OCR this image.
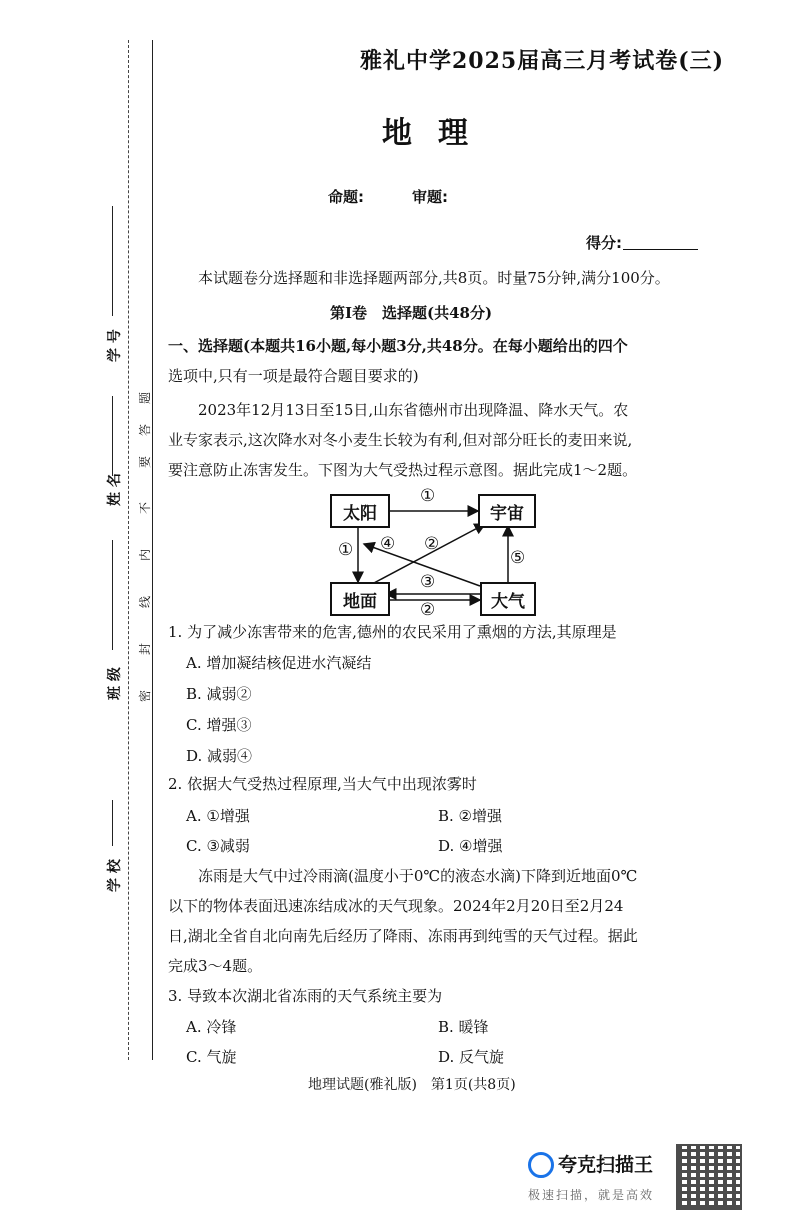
学 号
姓 名
班 级
学 校
密
封
线
内
不
要
答
题
雅礼中学2025届高三月考试卷(三)
地理
命题:	审题:
得分:
本试题卷分选择题和非选择题两部分,共8页。时量75分钟,满分100分。
第Ⅰ卷　选择题(共48分)
一、选择题(本题共16小题,每小题3分,共48分。在每小题给出的四个
选项中,只有一项是最符合题目要求的)
2023年12月13日至15日,山东省德州市出现降温、降水天气。农
业专家表示,这次降水对冬小麦生长较为有利,但对部分旺长的麦田来说,
要注意防止冻害发生。下图为大气受热过程示意图。据此完成1～2题。
太阳	宇宙
地面	大气
①
① ④ ②
③
②
⑤
1. 为了减少冻害带来的危害,德州的农民采用了熏烟的方法,其原理是
A. 增加凝结核促进水汽凝结
B. 减弱②
C. 增强③
D. 减弱④
2. 依据大气受热过程原理,当大气中出现浓雾时
A. ①增强	B. ②增强
C. ③减弱	D. ④增强
冻雨是大气中过冷雨滴(温度小于0℃的液态水滴)下降到近地面0℃
以下的物体表面迅速冻结成冰的天气现象。2024年2月20日至2月24
日,湖北全省自北向南先后经历了降雨、冻雨再到纯雪的天气过程。据此
完成3～4题。
3. 导致本次湖北省冻雨的天气系统主要为
A. 冷锋	B. 暖锋
C. 气旋	D. 反气旋
地理试题(雅礼版)　第1页(共8页)
夸克扫描王
极速扫描，就是高效
